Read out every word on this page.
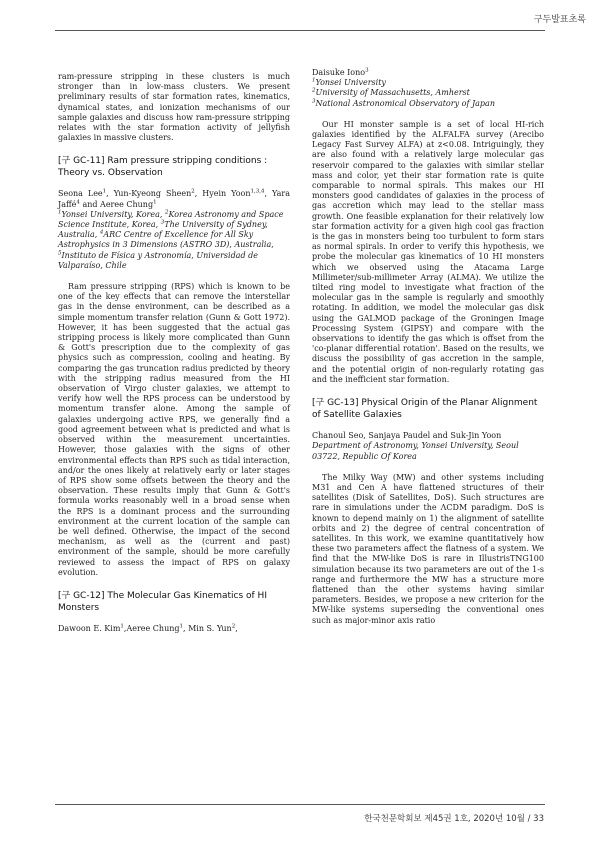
구두발표초록

ram-pressure stripping in these clusters is much stronger than in low-mass clusters. We present preliminary results of star formation rates, kinematics, dynamical states, and ionization mechanisms of our sample galaxies and discuss how ram-pressure stripping relates with the star formation activity of jellyfish galaxies in massive clusters.

[구 GC-11] Ram pressure stripping conditions : Theory vs. Observation

Seona Lee$^1$, Yun-Kyeong Sheen$^2$, Hyein Yoon$^{1,3,4}$, Yara Jaffé$^4$ and Aeree Chung$^1$

$^1$Yonsei University, Korea, $^2$Korea Astronomy and Space Science Institute, Korea, $^3$The University of Sydney, Australia, $^4$ARC Centre of Excellence for All Sky Astrophysics in 3 Dimensions (ASTRO 3D), Australia, $^5$Instituto de Física y Astronomía, Universidad de Valparaíso, Chile

Ram pressure stripping (RPS) which is known to be one of the key effects that can remove the interstellar gas in the dense environment, can be described as a simple momentum transfer relation (Gunn & Gott 1972). However, it has been suggested that the actual gas stripping process is likely more complicated than Gunn & Gott's prescription due to the complexity of gas physics such as compression, cooling and heating. By comparing the gas truncation radius predicted by theory with the stripping radius measured from the HI observation of Virgo cluster galaxies, we attempt to verify how well the RPS process can be understood by momentum transfer alone. Among the sample of galaxies undergoing active RPS, we generally find a good agreement between what is predicted and what is observed within the measurement uncertainties. However, those galaxies with the signs of other environmental effects than RPS such as tidal interaction, and/or the ones likely at relatively early or later stages of RPS show some offsets between the theory and the observation. These results imply that Gunn & Gott's formula works reasonably well in a broad sense when the RPS is a dominant process and the surrounding environment at the current location of the sample can be well defined. Otherwise, the impact of the second mechanism, as well as the (current and past) environment of the sample, should be more carefully reviewed to assess the impact of RPS on galaxy evolution.

[구 GC-12] The Molecular Gas Kinematics of HI Monsters

Dawoon E. Kim$^1$,Aeree Chung$^1$, Min S. Yun$^2$,

Daisuke Iono$^3$

$^1$Yonsei University
$^2$University of Massachusetts, Amherst
$^3$National Astronomical Observatory of Japan

Our HI monster sample is a set of local HI-rich galaxies identified by the ALFALFA survey (Arecibo Legacy Fast Survey ALFA) at z<0.08. Intriguingly, they are also found with a relatively large molecular gas reservoir compared to the galaxies with similar stellar mass and color, yet their star formation rate is quite comparable to normal spirals. This makes our HI monsters good candidates of galaxies in the process of gas accretion which may lead to the stellar mass growth. One feasible explanation for their relatively low star formation activity for a given high cool gas fraction is the gas in monsters being too turbulent to form stars as normal spirals. In order to verify this hypothesis, we probe the molecular gas kinematics of 10 HI monsters which we observed using the Atacama Large Millimeter/sub-millimeter Array (ALMA). We utilize the tilted ring model to investigate what fraction of the molecular gas in the sample is regularly and smoothly rotating. In addition, we model the molecular gas disk using the GALMOD package of the Groningen Image Processing System (GIPSY) and compare with the observations to identify the gas which is offset from the 'co-planar differential rotation'. Based on the results, we discuss the possibility of gas accretion in the sample, and the potential origin of non-regularly rotating gas and the inefficient star formation.

[구 GC-13] Physical Origin of the Planar Alignment of Satellite Galaxies

Chanoul Seo, Sanjaya Paudel and Suk-Jin Yoon

Department of Astronomy, Yonsei University, Seoul 03722, Republic Of Korea

The Milky Way (MW) and other systems including M31 and Cen A have flattened structures of their satellites (Disk of Satellites, DoS). Such structures are rare in simulations under the ΛCDM paradigm. DoS is known to depend mainly on 1) the alignment of satellite orbits and 2) the degree of central concentration of satellites. In this work, we examine quantitatively how these two parameters affect the flatness of a system. We find that the MW-like DoS is rare in IllustrisTNG100 simulation because its two parameters are out of the 1-s range and furthermore the MW has a structure more flattened than the other systems having similar parameters. Besides, we propose a new criterion for the MW-like systems superseding the conventional ones such as major-minor axis ratio

한국천문학회보 제45권 1호, 2020년 10월 / 33
